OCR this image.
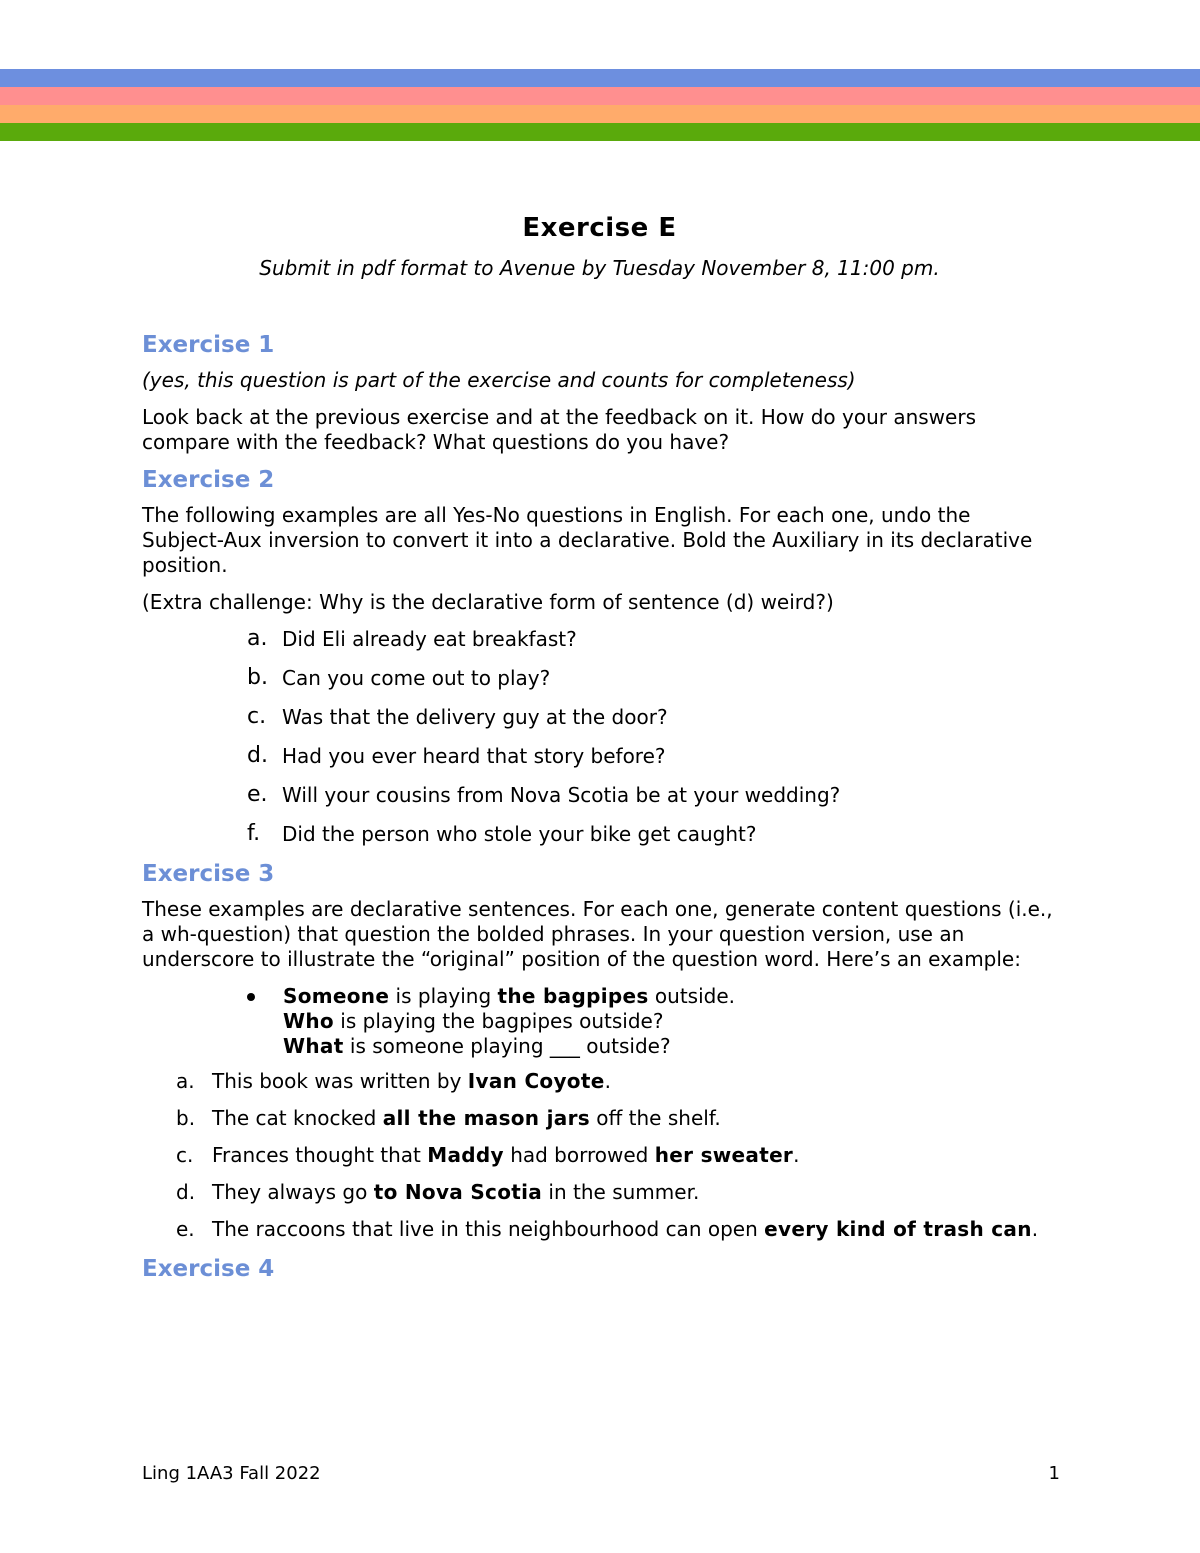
Exercise E
Submit in pdf format to Avenue by Tuesday November 8, 11:00 pm.
Exercise 1

(yes, this question is part of the exercise and counts for completeness)

Look back at the previous exercise and at the feedback on it. How do your answers compare with the feedback? What questions do you have?

Exercise 2

The following examples are all Yes-No questions in English. For each one, undo the Subject-Aux inversion to convert it into a declarative. Bold the Auxiliary in its declarative position.

(Extra challenge: Why is the declarative form of sentence (d) weird?)

a. Did Eli already eat breakfast?
b. Can you come out to play?
c. Was that the delivery guy at the door?
d. Had you ever heard that story before?
e. Will your cousins from Nova Scotia be at your wedding?
f. Did the person who stole your bike get caught?
Exercise 3

These examples are declarative sentences. For each one, generate content questions (i.e., a wh-question) that question the bolded phrases. In your question version, use an underscore to illustrate the “original” position of the question word. Here’s an example:

Someone is playing the bagpipes outside.
Who is playing the bagpipes outside?
What is someone playing ___ outside?
a. This book was written by Ivan Coyote.
b. The cat knocked all the mason jars off the shelf.
c. Frances thought that Maddy had borrowed her sweater.
d. They always go to Nova Scotia in the summer.
e. The raccoons that live in this neighbourhood can open every kind of trash can.
Exercise 4
Ling 1AA3 Fall 2022	1
